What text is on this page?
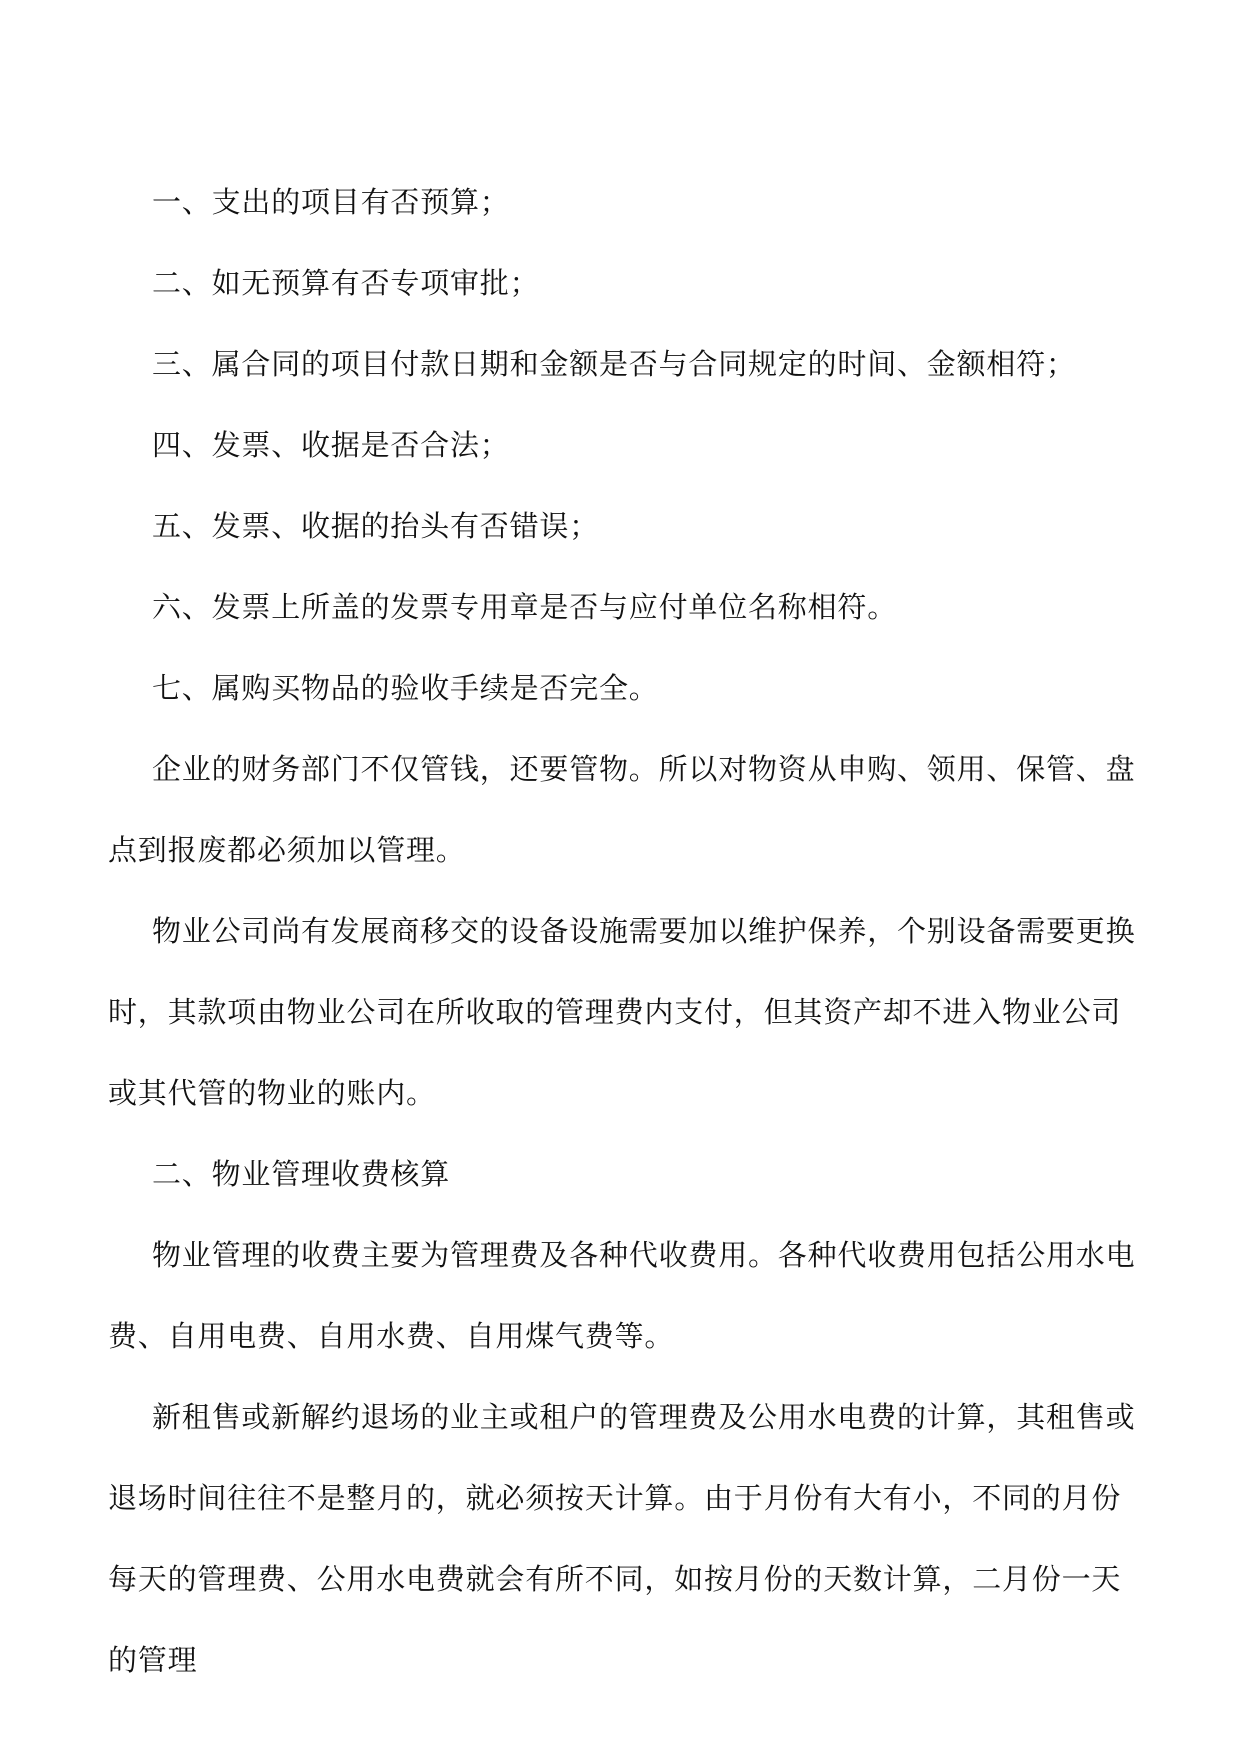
一、支出的项目有否预算；

二、如无预算有否专项审批；

三、属合同的项目付款日期和金额是否与合同规定的时间、金额相符；

四、发票、收据是否合法；

五、发票、收据的抬头有否错误；

六、发票上所盖的发票专用章是否与应付单位名称相符。

七、属购买物品的验收手续是否完全。

企业的财务部门不仅管钱，还要管物。所以对物资从申购、领用、保管、盘点到报废都必须加以管理。

物业公司尚有发展商移交的设备设施需要加以维护保养，个别设备需要更换时，其款项由物业公司在所收取的管理费内支付，但其资产却不进入物业公司或其代管的物业的账内。

二、物业管理收费核算

物业管理的收费主要为管理费及各种代收费用。各种代收费用包括公用水电费、自用电费、自用水费、自用煤气费等。

新租售或新解约退场的业主或租户的管理费及公用水电费的计算，其租售或退场时间往往不是整月的，就必须按天计算。由于月份有大有小，不同的月份每天的管理费、公用水电费就会有所不同，如按月份的天数计算，二月份一天的管理
